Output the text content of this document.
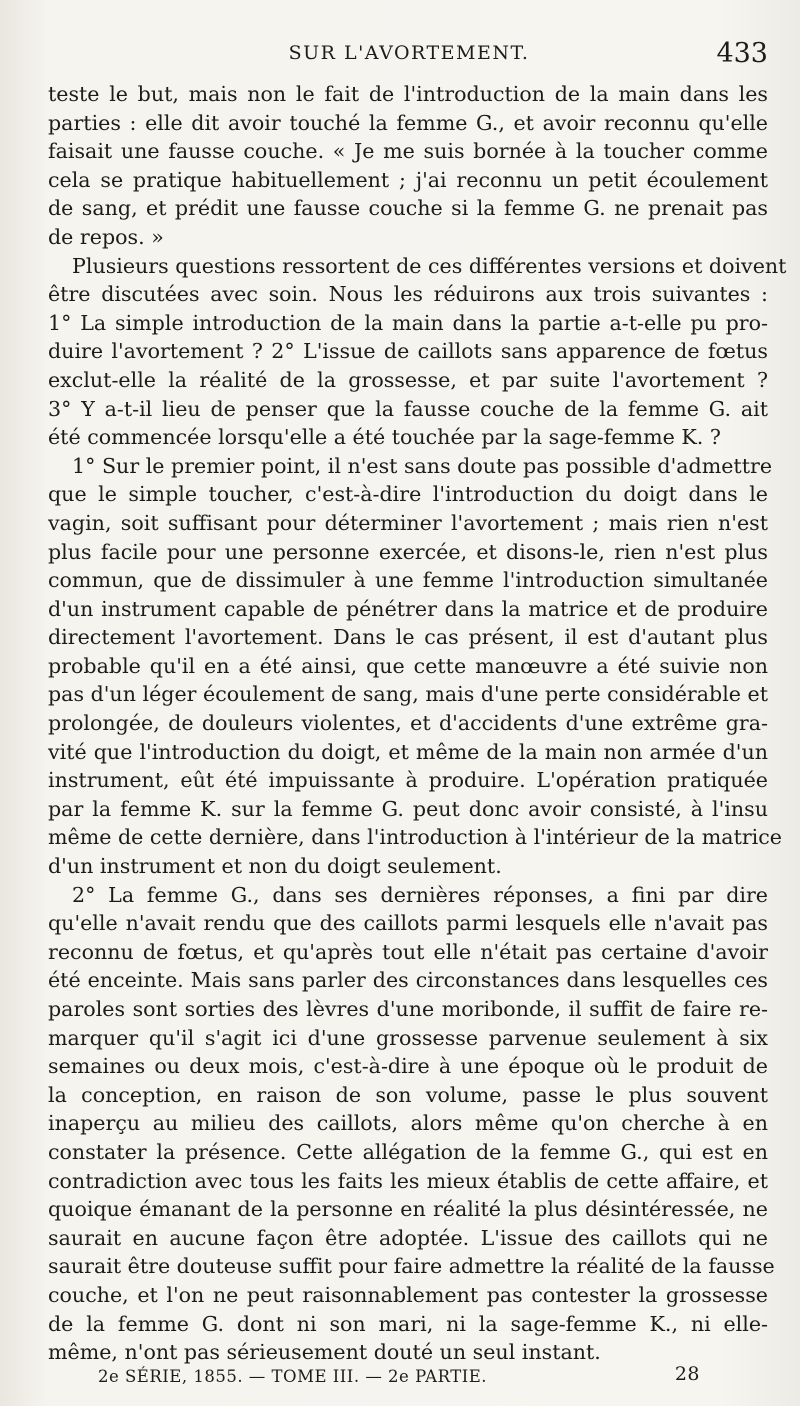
SUR L'AVORTEMENT.	433

teste le but, mais non le fait de l'introduction de la main dans les
parties : elle dit avoir touché la femme G., et avoir reconnu qu'elle
faisait une fausse couche. « Je me suis bornée à la toucher comme
cela se pratique habituellement ; j'ai reconnu un petit écoulement
de sang, et prédit une fausse couche si la femme G. ne prenait pas
de repos. »

Plusieurs questions ressortent de ces différentes versions et doivent
être discutées avec soin. Nous les réduirons aux trois suivantes :
1° La simple introduction de la main dans la partie a-t-elle pu pro-
duire l'avortement ? 2° L'issue de caillots sans apparence de fœtus
exclut-elle la réalité de la grossesse, et par suite l'avortement ?
3° Y a-t-il lieu de penser que la fausse couche de la femme G. ait
été commencée lorsqu'elle a été touchée par la sage-femme K. ?

1° Sur le premier point, il n'est sans doute pas possible d'admettre
que le simple toucher, c'est-à-dire l'introduction du doigt dans le
vagin, soit suffisant pour déterminer l'avortement ; mais rien n'est
plus facile pour une personne exercée, et disons-le, rien n'est plus
commun, que de dissimuler à une femme l'introduction simultanée
d'un instrument capable de pénétrer dans la matrice et de produire
directement l'avortement. Dans le cas présent, il est d'autant plus
probable qu'il en a été ainsi, que cette manœuvre a été suivie non
pas d'un léger écoulement de sang, mais d'une perte considérable et
prolongée, de douleurs violentes, et d'accidents d'une extrême gra-
vité que l'introduction du doigt, et même de la main non armée d'un
instrument, eût été impuissante à produire. L'opération pratiquée
par la femme K. sur la femme G. peut donc avoir consisté, à l'insu
même de cette dernière, dans l'introduction à l'intérieur de la matrice
d'un instrument et non du doigt seulement.

2° La femme G., dans ses dernières réponses, a fini par dire
qu'elle n'avait rendu que des caillots parmi lesquels elle n'avait pas
reconnu de fœtus, et qu'après tout elle n'était pas certaine d'avoir
été enceinte. Mais sans parler des circonstances dans lesquelles ces
paroles sont sorties des lèvres d'une moribonde, il suffit de faire re-
marquer qu'il s'agit ici d'une grossesse parvenue seulement à six
semaines ou deux mois, c'est-à-dire à une époque où le produit de
la conception, en raison de son volume, passe le plus souvent
inaperçu au milieu des caillots, alors même qu'on cherche à en
constater la présence. Cette allégation de la femme G., qui est en
contradiction avec tous les faits les mieux établis de cette affaire, et
quoique émanant de la personne en réalité la plus désintéressée, ne
saurait en aucune façon être adoptée. L'issue des caillots qui ne
saurait être douteuse suffit pour faire admettre la réalité de la fausse
couche, et l'on ne peut raisonnablement pas contester la grossesse
de la femme G. dont ni son mari, ni la sage-femme K., ni elle-
même, n'ont pas sérieusement douté un seul instant.

2e SÉRIE, 1855. — TOME III. — 2e PARTIE.	28
